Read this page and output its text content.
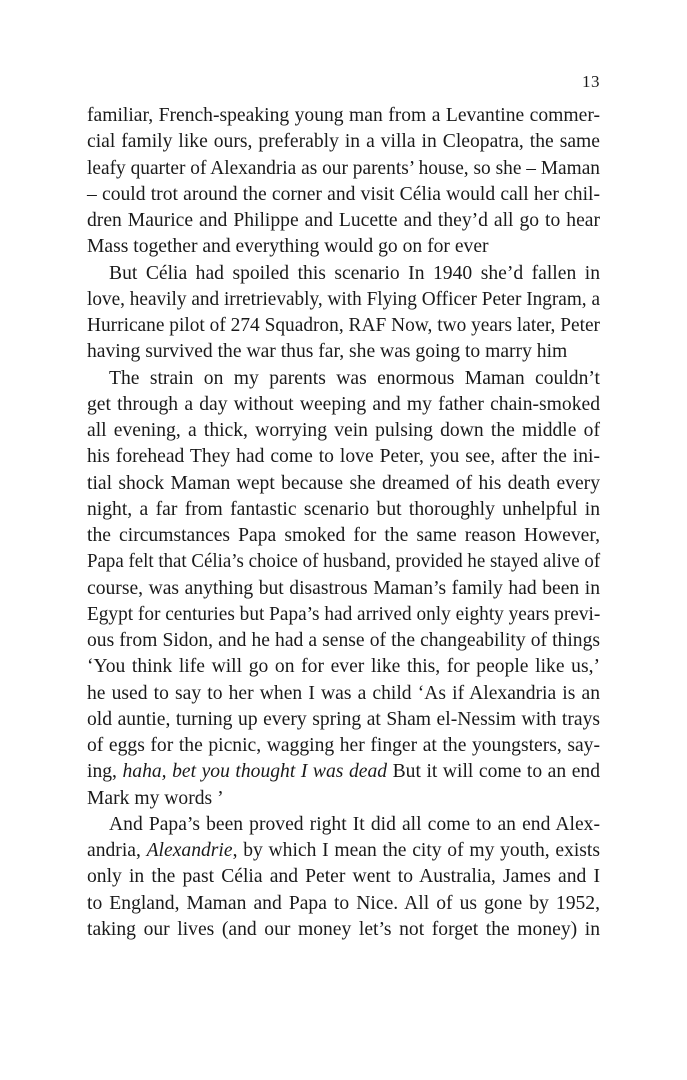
13
familiar, French-speaking young man from a Levantine commer-
cial family like ours, preferably in a villa in Cleopatra, the same
leafy quarter of Alexandria as our parents’ house, so she – Maman
– could trot around the corner and visit Célia would call her chil-
dren Maurice and Philippe and Lucette and they’d all go to hear
Mass together and everything would go on for ever
But Célia had spoiled this scenario In 1940 she’d fallen in
love, heavily and irretrievably, with Flying Officer Peter Ingram, a
Hurricane pilot of 274 Squadron, RAF Now, two years later, Peter
having survived the war thus far, she was going to marry him
The strain on my parents was enormous Maman couldn’t
get through a day without weeping and my father chain-smoked
all evening, a thick, worrying vein pulsing down the middle of
his forehead They had come to love Peter, you see, after the ini-
tial shock Maman wept because she dreamed of his death every
night, a far from fantastic scenario but thoroughly unhelpful in
the circumstances Papa smoked for the same reason However,
Papa felt that Célia’s choice of husband, provided he stayed alive of
course, was anything but disastrous Maman’s family had been in
Egypt for centuries but Papa’s had arrived only eighty years previ-
ous from Sidon, and he had a sense of the changeability of things
‘You think life will go on for ever like this, for people like us,’
he used to say to her when I was a child ‘As if Alexandria is an
old auntie, turning up every spring at Sham el-Nessim with trays
of eggs for the picnic, wagging her finger at the youngsters, say-
ing, haha, bet you thought I was dead But it will come to an end
Mark my words ’
And Papa’s been proved right It did all come to an end Alex-
andria, Alexandrie, by which I mean the city of my youth, exists
only in the past Célia and Peter went to Australia, James and I
to England, Maman and Papa to Nice. All of us gone by 1952,
taking our lives (and our money let’s not forget the money) in
